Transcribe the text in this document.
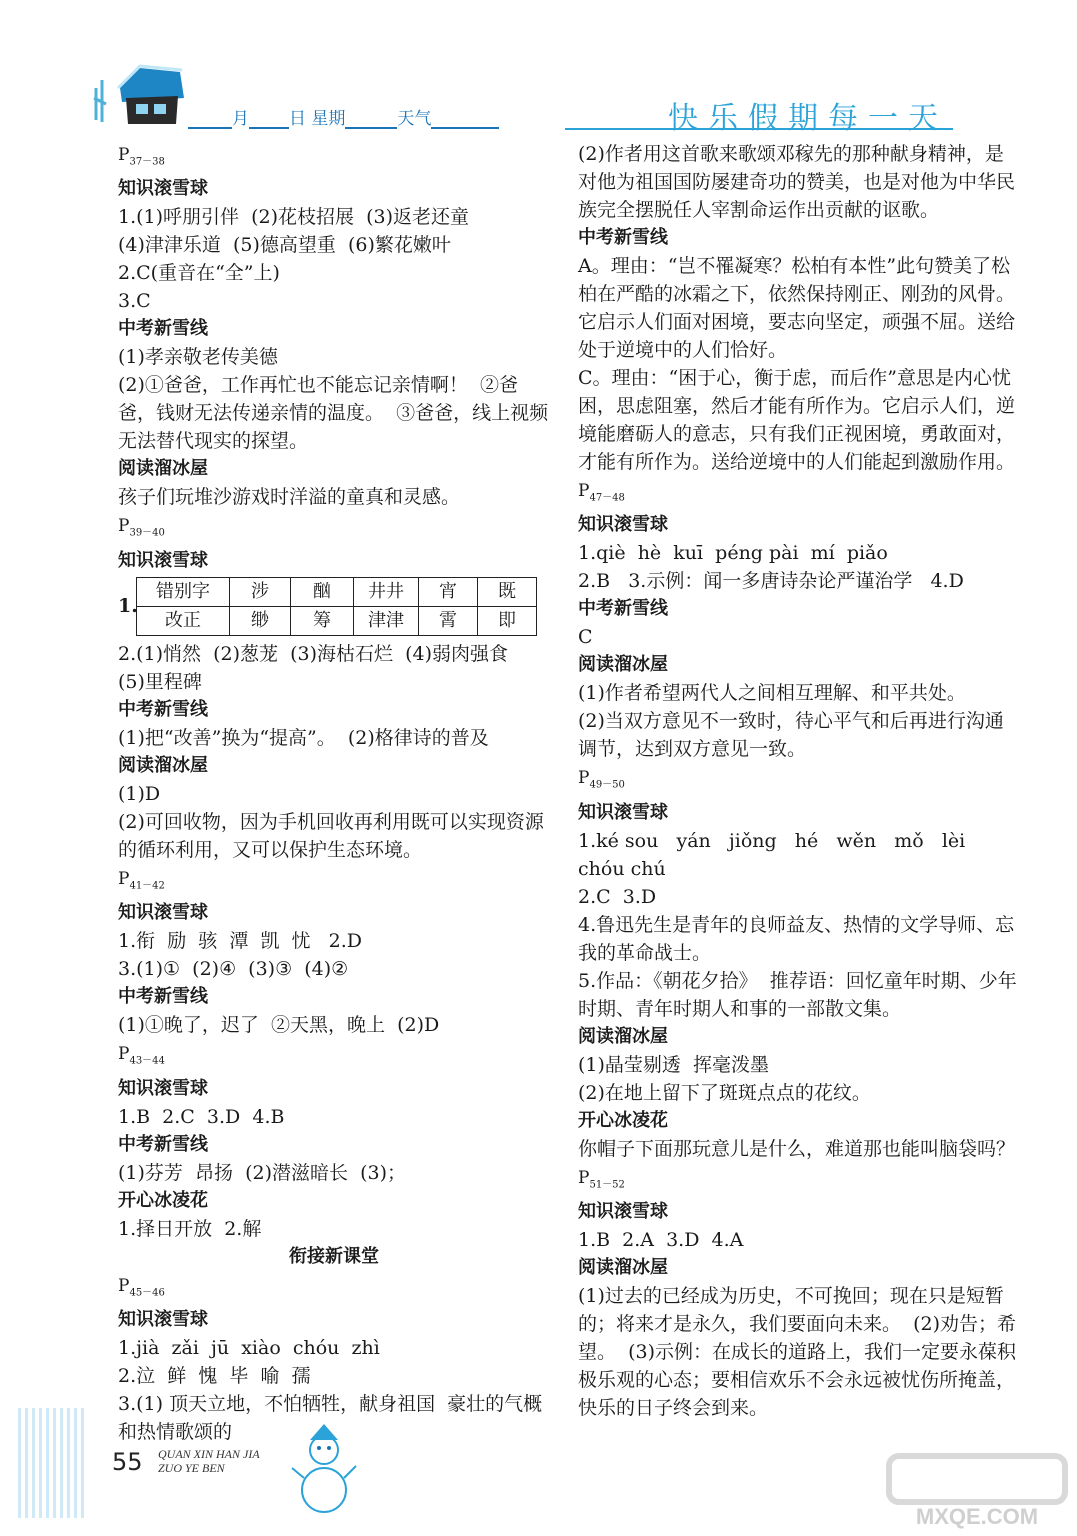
月 日 星期	天气	快乐假期每一天
$P_{37-38}$
知识滚雪球
1.(1)呼朋引伴  (2)花枝招展  (3)返老还童
(4)津津乐道  (5)德高望重  (6)繁花嫩叶
2.C(重音在“全”上)
3.C
中考新雪线
(1)孝亲敬老传美德
(2)①爸爸，工作再忙也不能忘记亲情啊！  ②爸爸，钱财无法传递亲情的温度。  ③爸爸，线上视频无法替代现实的探望。
阅读溜冰屋
孩子们玩堆沙游戏时洋溢的童真和灵感。
$P_{39-40}$
知识滚雪球
1.
错别字	涉	酗	井井	宵	既
改正	缈	筹	津津	霄	即
2.(1)悄然  (2)葱茏  (3)海枯石烂  (4)弱肉强食
(5)里程碑
中考新雪线
(1)把“改善”换为“提高”。  (2)格律诗的普及
阅读溜冰屋
(1)D
(2)可回收物，因为手机回收再利用既可以实现资源的循环利用，又可以保护生态环境。
$P_{41-42}$
知识滚雪球
1.衔  励  骇  潭  凯  忧   2.D
3.(1)①  (2)④  (3)③  (4)②
中考新雪线
(1)①晚了，迟了  ②天黑，晚上  (2)D
$P_{43-44}$
知识滚雪球
1.B  2.C  3.D  4.B
中考新雪线
(1)芬芳  昂扬  (2)潜滋暗长  (3)；
开心冰凌花
1.择日开放  2.解
衔接新课堂
$P_{45-46}$
知识滚雪球
1.jià  zǎi  jū  xiào  chóu  zhì
2.泣  鲜  愧  毕  喻  孺
3.(1) 顶天立地，不怕牺牲，献身祖国  豪壮的气概和热情歌颂的
(2)作者用这首歌来歌颂邓稼先的那种献身精神，是对他为祖国国防屡建奇功的赞美，也是对他为中华民族完全摆脱任人宰割命运作出贡献的讴歌。
中考新雪线
A。理由：“岂不罹凝寒？松柏有本性”此句赞美了松柏在严酷的冰霜之下，依然保持刚正、刚劲的风骨。它启示人们面对困境，要志向坚定，顽强不屈。送给处于逆境中的人们恰好。
C。理由：“困于心，衡于虑，而后作”意思是内心忧困，思虑阻塞，然后才能有所作为。它启示人们，逆境能磨砺人的意志，只有我们正视困境，勇敢面对，才能有所作为。送给逆境中的人们能起到激励作用。
$P_{47-48}$
知识滚雪球
1.qiè  hè  kuī  péng pài  mí  piǎo
2.B   3.示例：闻一多唐诗杂论严谨治学   4.D
中考新雪线
C
阅读溜冰屋
(1)作者希望两代人之间相互理解、和平共处。
(2)当双方意见不一致时，待心平气和后再进行沟通调节，达到双方意见一致。
$P_{49-50}$
知识滚雪球
1.ké sou   yán   jiǒng   hé   wěn   mǒ   lèi
chóu chú
2.C  3.D
4.鲁迅先生是青年的良师益友、热情的文学导师、忘我的革命战士。
5.作品：《朝花夕拾》  推荐语：回忆童年时期、少年时期、青年时期人和事的一部散文集。
阅读溜冰屋
(1)晶莹剔透  挥毫泼墨
(2)在地上留下了斑斑点点的花纹。
开心冰凌花
你帽子下面那玩意儿是什么，难道那也能叫脑袋吗？
$P_{51-52}$
知识滚雪球
1.B  2.A  3.D  4.A
阅读溜冰屋
(1)过去的已经成为历史，不可挽回；现在只是短暂的；将来才是永久，我们要面向未来。  (2)劝告；希望。  (3)示例：在成长的道路上，我们一定要永葆积极乐观的心态；要相信欢乐不会永远被忧伤所掩盖，快乐的日子终会到来。
55 QUAN XIN HAN JIA
ZUO YE BEN
MXQE.COM
